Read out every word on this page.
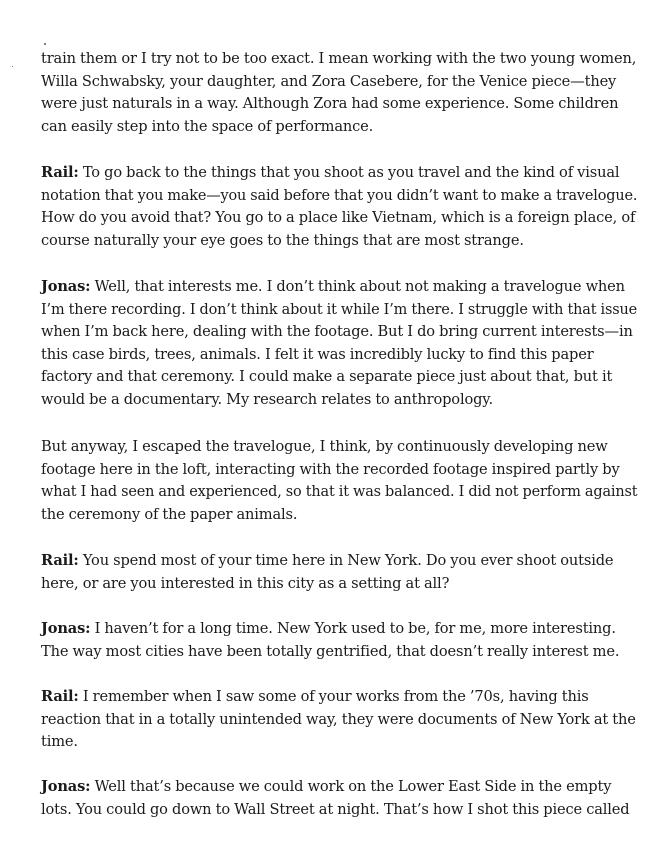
train them or I try not to be too exact. I mean working with the two young women,
Willa Schwabsky, your daughter, and Zora Casebere, for the Venice piece—they
were just naturals in a way. Although Zora had some experience. Some children
can easily step into the space of performance.

Rail: To go back to the things that you shoot as you travel and the kind of visual
notation that you make—you said before that you didn’t want to make a travelogue.
How do you avoid that? You go to a place like Vietnam, which is a foreign place, of
course naturally your eye goes to the things that are most strange.

Jonas: Well, that interests me. I don’t think about not making a travelogue when
I’m there recording. I don’t think about it while I’m there. I struggle with that issue
when I’m back here, dealing with the footage. But I do bring current interests—in
this case birds, trees, animals. I felt it was incredibly lucky to find this paper
factory and that ceremony. I could make a separate piece just about that, but it
would be a documentary. My research relates to anthropology.

But anyway, I escaped the travelogue, I think, by continuously developing new
footage here in the loft, interacting with the recorded footage inspired partly by
what I had seen and experienced, so that it was balanced. I did not perform against
the ceremony of the paper animals.

Rail: You spend most of your time here in New York. Do you ever shoot outside
here, or are you interested in this city as a setting at all?

Jonas: I haven’t for a long time. New York used to be, for me, more interesting.
The way most cities have been totally gentrified, that doesn’t really interest me.

Rail: I remember when I saw some of your works from the ’70s, having this
reaction that in a totally unintended way, they were documents of New York at the
time.

Jonas: Well that’s because we could work on the Lower East Side in the empty
lots. You could go down to Wall Street at night. That’s how I shot this piece called
